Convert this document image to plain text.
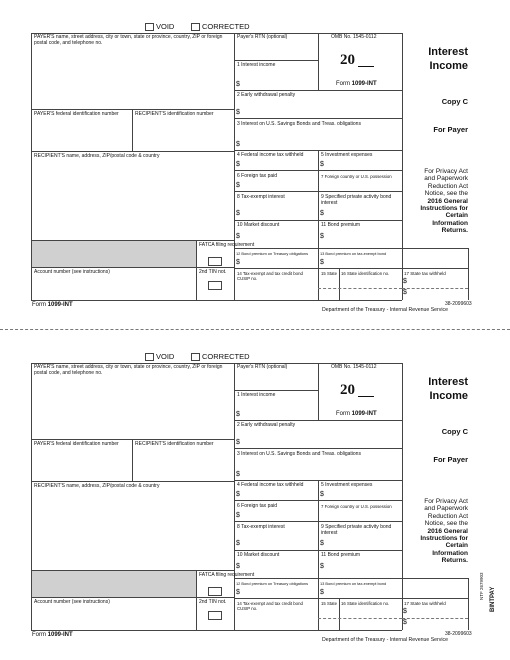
NTF 2679903 BINTPAY
VOID	CORRECTED
PAYER'S name, street address, city or town, state or province, country, ZIP or foreign postal code, and telephone no.
PAYER'S federal identification number	RECIPIENT'S identification number
RECIPIENT'S name, address, ZIP/postal code & country
FATCA filing requirement
Account number (see instructions)	2nd TIN not.
Payer's RTN (optional)	OMB No. 1545-0112
20
Form 1099-INT
1 Interest income
$
2 Early withdrawal penalty
$
3 Interest on U.S. Savings Bonds and Treas. obligations
$
4 Federal income tax withheld
$
5 Investment expenses
$
6 Foreign tax paid
$
7 Foreign country or U.S. possession
8 Tax-exempt interest
$
9 Specified private activity bond interest
$
10 Market discount
$
11 Bond premium
$
12 Bond premium on Treasury obligations
$
13 Bond premium on tax-exempt bond
$
14 Tax-exempt and tax credit bond CUSIP no.
15 State 16 State identification no.
Interest
Income
Copy C
For Payer
For Privacy Act
and Paperwork
Reduction Act
Notice, see the
2016 General
Instructions for
Certain
Information
Returns.
17 State tax withheld
$
$
Form 1099-INT	38-2099603
Department of the Treasury - Internal Revenue Service
VOID	CORRECTED
PAYER'S name, street address, city or town, state or province, country, ZIP or foreign postal code, and telephone no.
PAYER'S federal identification number	RECIPIENT'S identification number
RECIPIENT'S name, address, ZIP/postal code & country
FATCA filing requirement
Account number (see instructions)	2nd TIN not.
Payer's RTN (optional)	OMB No. 1545-0112
20
Form 1099-INT
1 Interest income
$
2 Early withdrawal penalty
$
3 Interest on U.S. Savings Bonds and Treas. obligations
$
4 Federal income tax withheld
$
5 Investment expenses
$
6 Foreign tax paid
$
7 Foreign country or U.S. possession
8 Tax-exempt interest
$
9 Specified private activity bond interest
$
10 Market discount
$
11 Bond premium
$
12 Bond premium on Treasury obligations
$
13 Bond premium on tax-exempt bond
$
14 Tax-exempt and tax credit bond CUSIP no.
15 State 16 State identification no.
Interest
Income
Copy C
For Payer
For Privacy Act
and Paperwork
Reduction Act
Notice, see the
2016 General
Instructions for
Certain
Information
Returns.
17 State tax withheld
$
$
Form 1099-INT	38-2099603
Department of the Treasury - Internal Revenue Service
